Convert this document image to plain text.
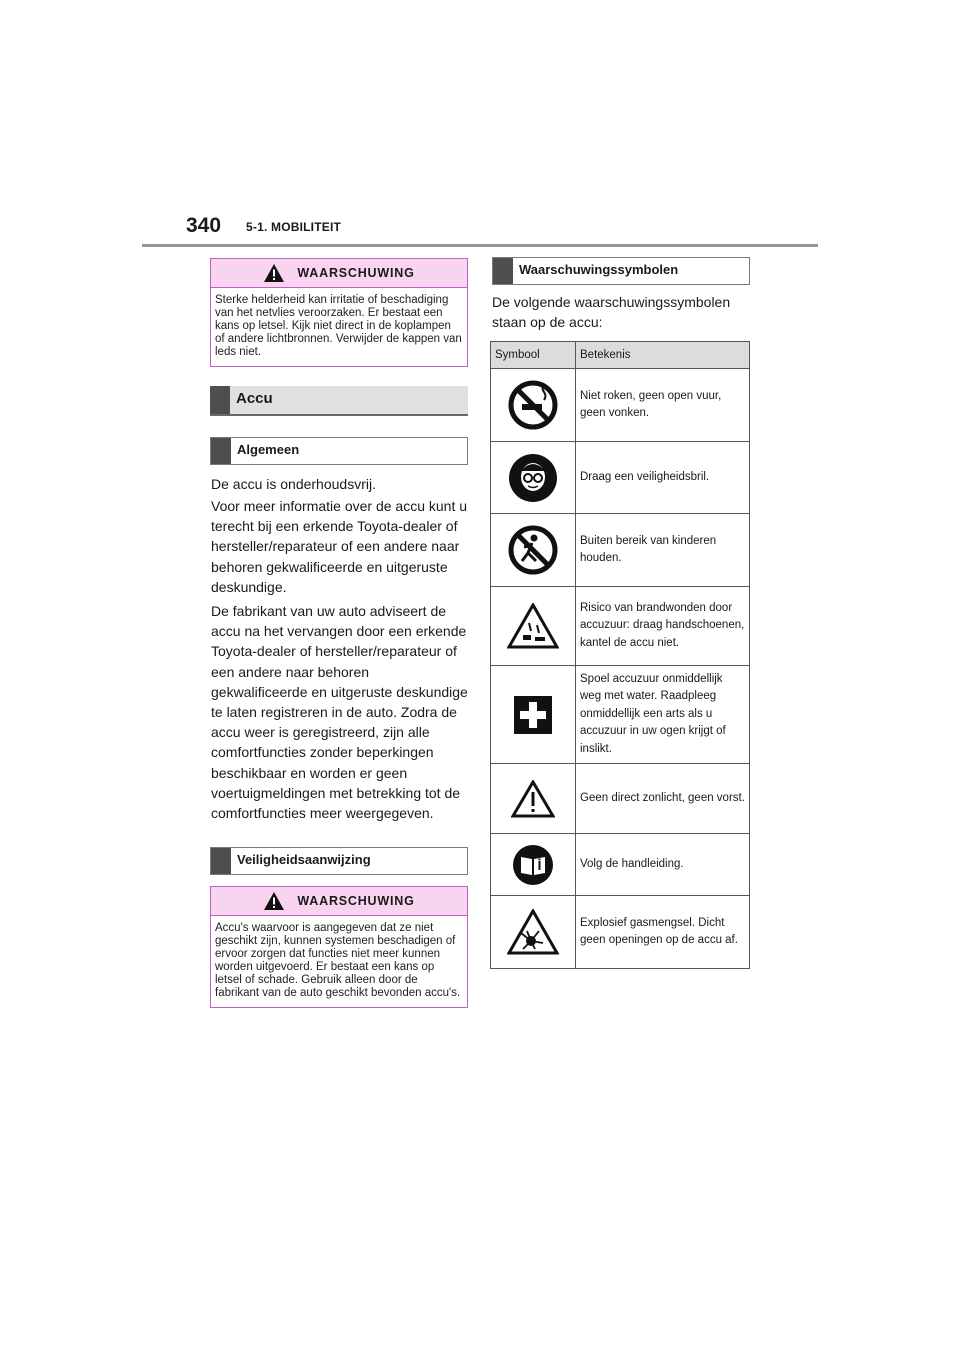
340 5-1. MOBILITEIT
WAARSCHUWING
Sterke helderheid kan irritatie of beschadiging van het netvlies veroorzaken. Er bestaat een kans op letsel. Kijk niet direct in de koplampen of andere lichtbronnen. Verwijder de kappen van leds niet.
Accu
Algemeen
De accu is onderhoudsvrij.
Voor meer informatie over de accu kunt u terecht bij een erkende Toyota-dealer of hersteller/reparateur of een andere naar behoren gekwalificeerde en uitgeruste deskundige.
De fabrikant van uw auto adviseert de accu na het vervangen door een erkende Toyota-dealer of hersteller/reparateur of een andere naar behoren gekwalificeerde en uitgeruste deskundige te laten registreren in de auto. Zodra de accu weer is geregistreerd, zijn alle comfortfuncties zonder beperkingen beschikbaar en worden er geen voertuigmeldingen met betrekking tot de comfortfuncties meer weergegeven.
Veiligheidsaanwijzing
WAARSCHUWING
Accu's waarvoor is aangegeven dat ze niet geschikt zijn, kunnen systemen beschadigen of ervoor zorgen dat functies niet meer kunnen worden uitgevoerd. Er bestaat een kans op letsel of schade. Gebruik alleen door de fabrikant van de auto geschikt bevonden accu's.
Waarschuwingssymbolen
De volgende waarschuwingssymbolen staan op de accu:
Symbool	Betekenis

	Niet roken, geen open vuur, geen vonken.

	Draag een veiligheidsbril.

	Buiten bereik van kinderen houden.

	Risico van brandwonden door accuzuur: draag handschoenen, kantel de accu niet.

	Spoel accuzuur onmiddellijk weg met water. Raadpleeg onmiddellijk een arts als u accuzuur in uw ogen krijgt of inslikt.

	Geen direct zonlicht, geen vorst.

	Volg de handleiding.

	Explosief gasmengsel. Dicht geen openingen op de accu af.
